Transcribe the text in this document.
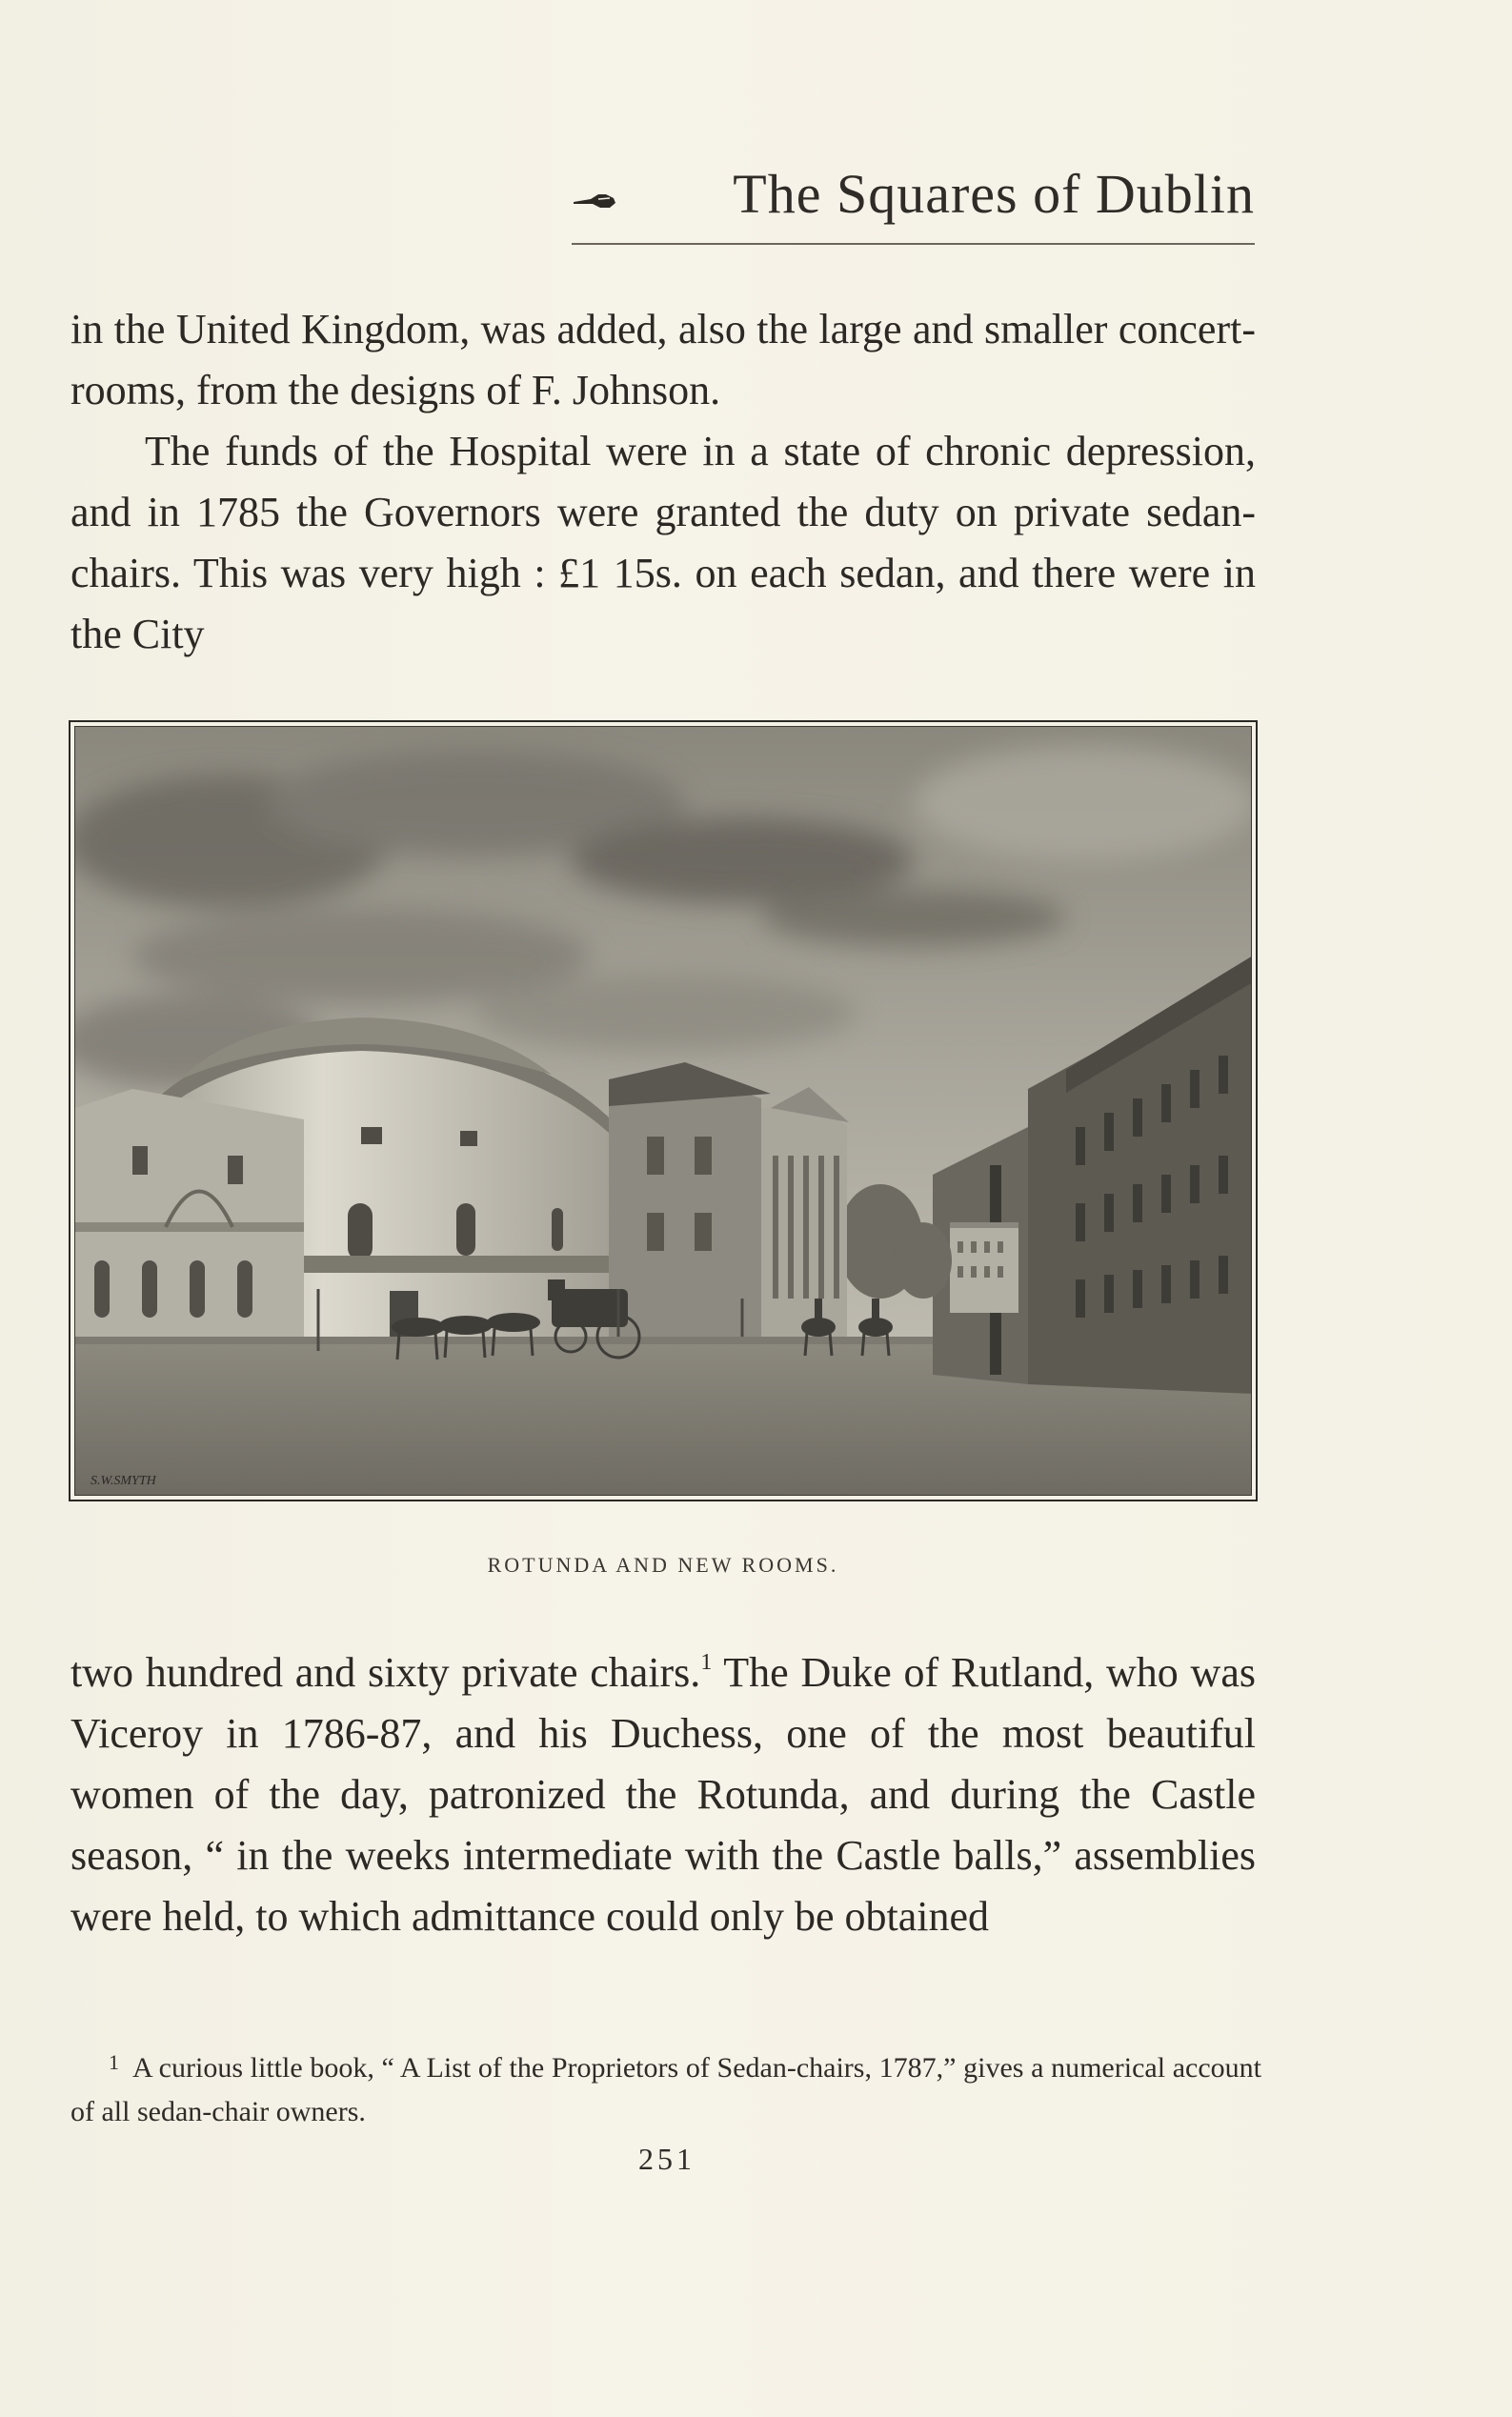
The Squares of Dublin

in the United Kingdom, was added, also the large and smaller concert-rooms, from the designs of F. Johnson.

The funds of the Hospital were in a state of chronic depression, and in 1785 the Governors were granted the duty on private sedan-chairs. This was very high : £1 15s. on each sedan, and there were in the City

S.W.SMYTH
ROTUNDA AND NEW ROOMS.

two hundred and sixty private chairs.$^1$ The Duke of Rutland, who was Viceroy in 1786-87, and his Duchess, one of the most beautiful women of the day, patronized the Rotunda, and during the Castle season, “ in the weeks intermediate with the Castle balls,” assemblies were held, to which admittance could only be obtained

$^1$ A curious little book, “ A List of the Proprietors of Sedan-chairs, 1787,” gives a numerical account of all sedan-chair owners.

251
